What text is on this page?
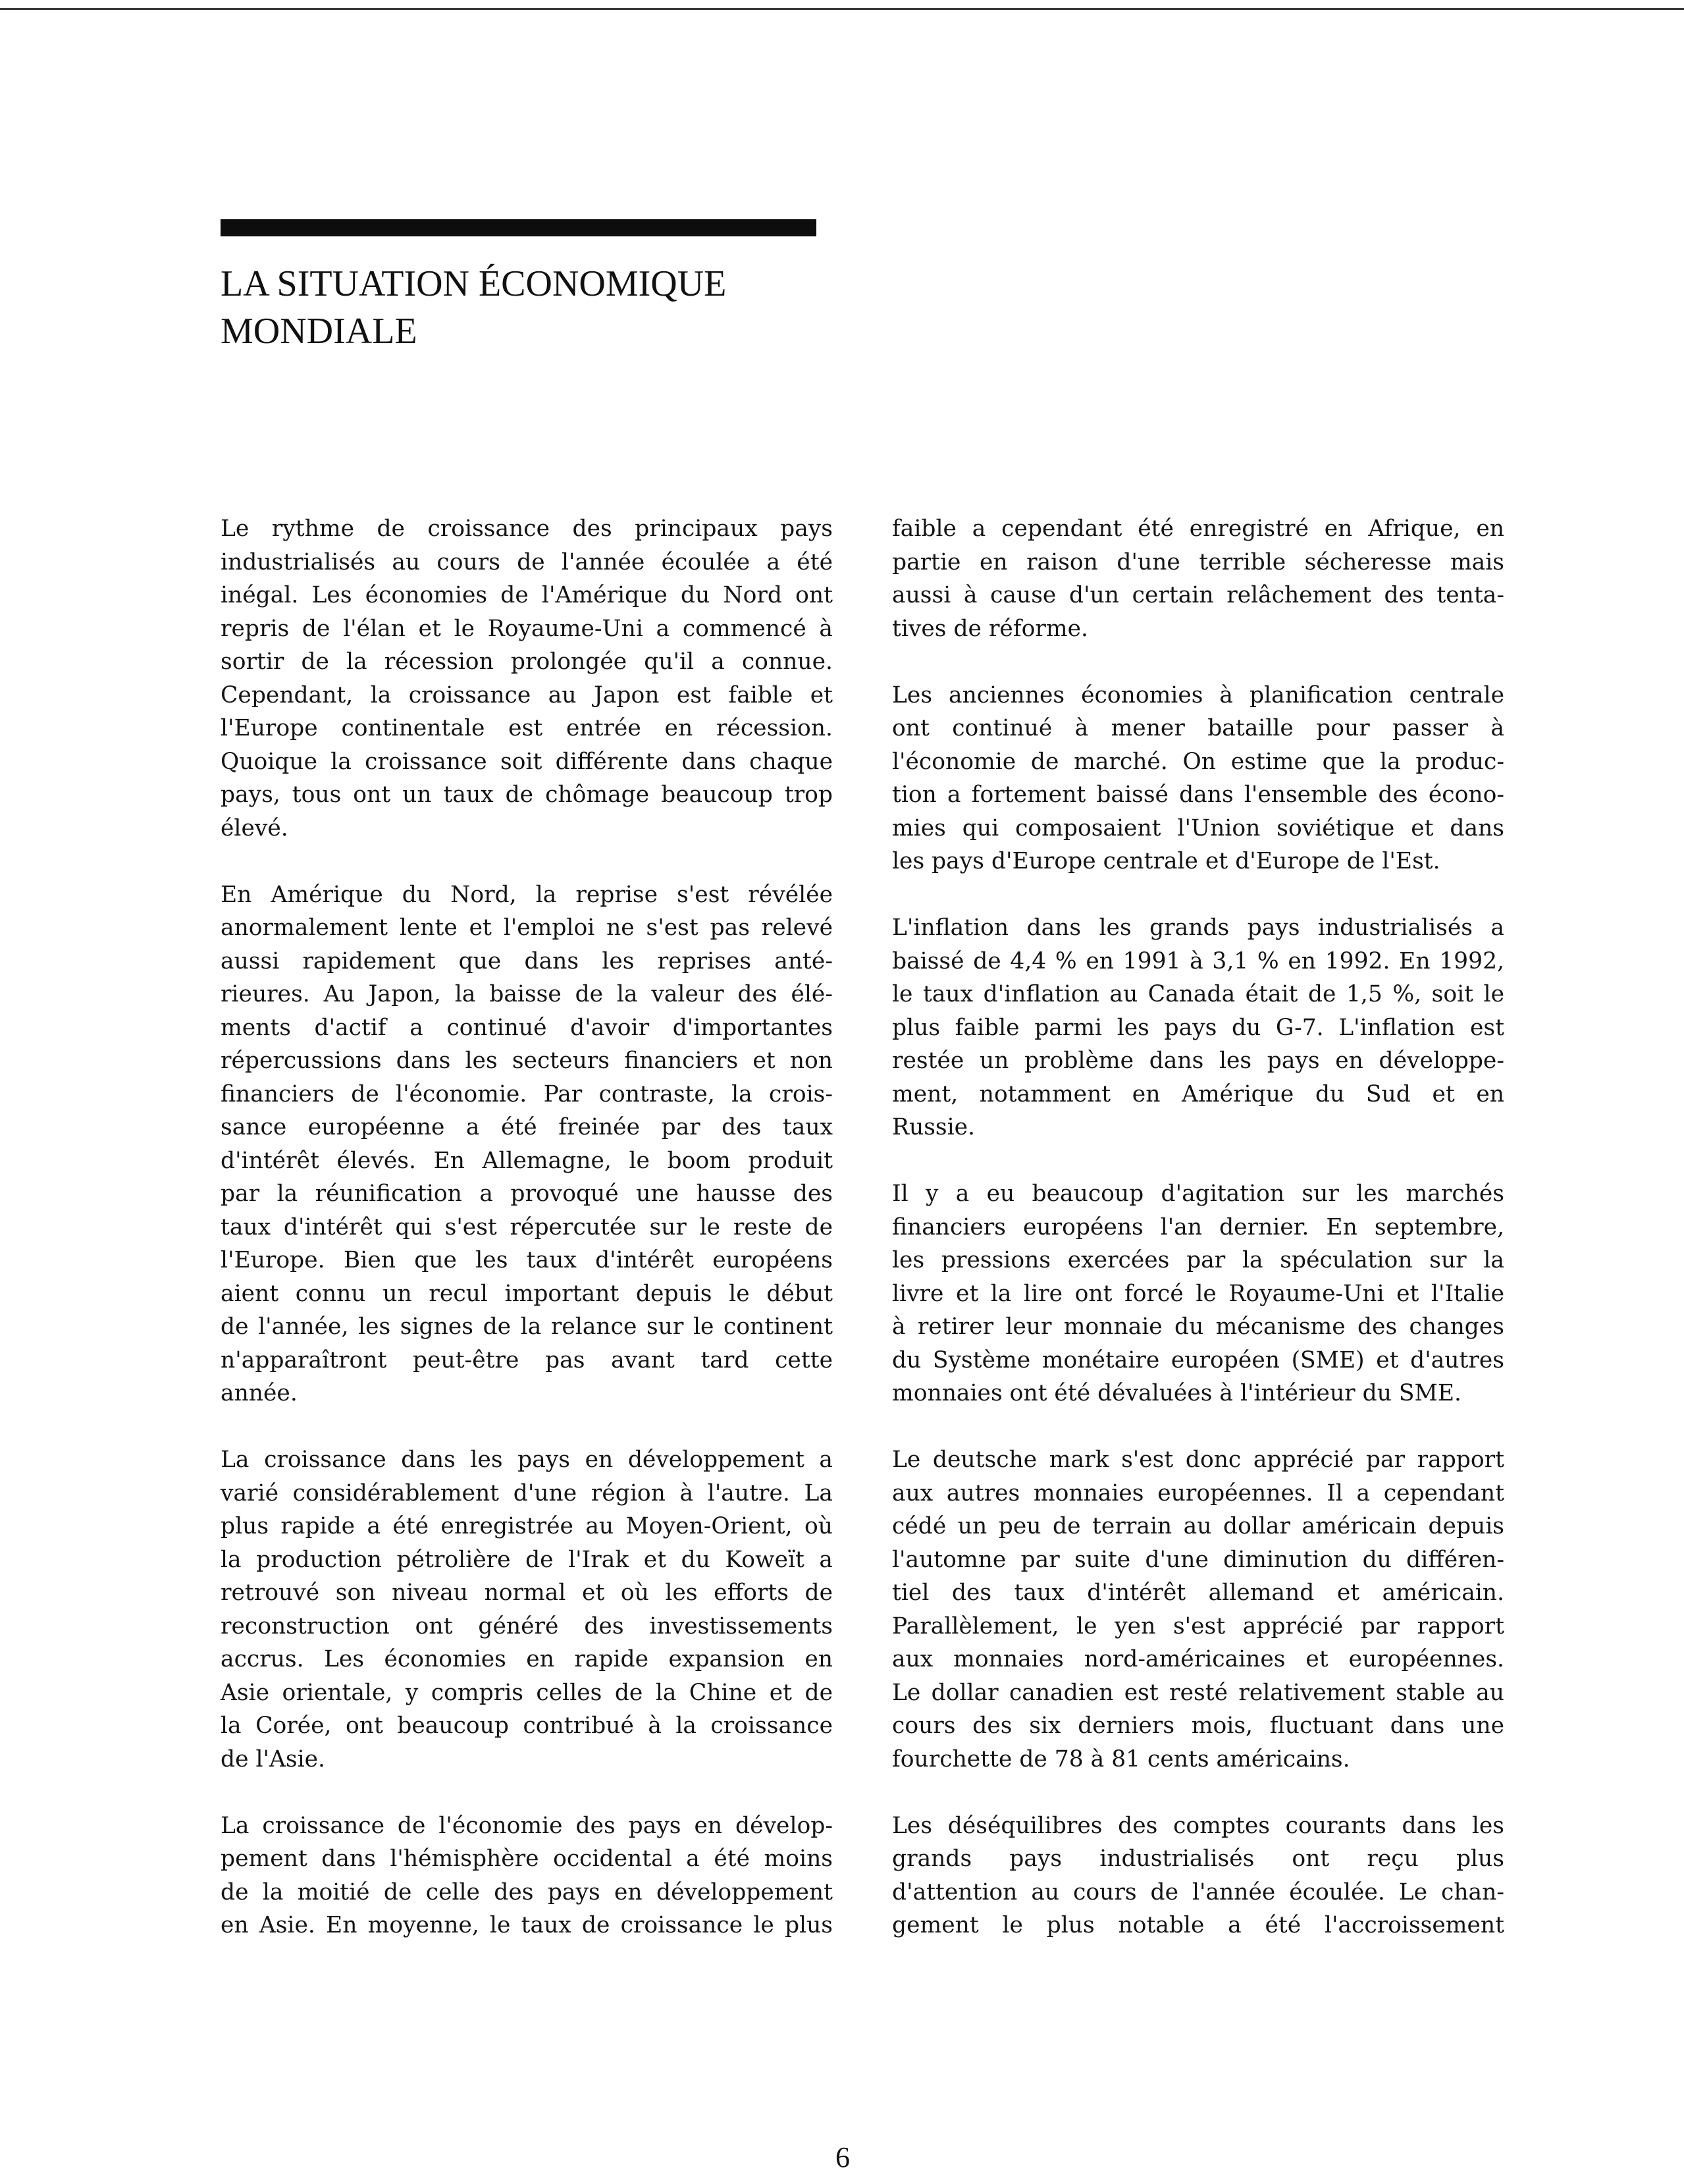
LA SITUATION ÉCONOMIQUE
MONDIALE

Le rythme de croissance des principaux pays
industrialisés au cours de l'année écoulée a été
inégal. Les économies de l'Amérique du Nord ont
repris de l'élan et le Royaume-Uni a commencé à
sortir de la récession prolongée qu'il a connue.
Cependant, la croissance au Japon est faible et
l'Europe continentale est entrée en récession.
Quoique la croissance soit différente dans chaque
pays, tous ont un taux de chômage beaucoup trop
élevé.

En Amérique du Nord, la reprise s'est révélée
anormalement lente et l'emploi ne s'est pas relevé
aussi rapidement que dans les reprises anté-
rieures. Au Japon, la baisse de la valeur des élé-
ments d'actif a continué d'avoir d'importantes
répercussions dans les secteurs financiers et non
financiers de l'économie. Par contraste, la crois-
sance européenne a été freinée par des taux
d'intérêt élevés. En Allemagne, le boom produit
par la réunification a provoqué une hausse des
taux d'intérêt qui s'est répercutée sur le reste de
l'Europe. Bien que les taux d'intérêt européens
aient connu un recul important depuis le début
de l'année, les signes de la relance sur le continent
n'apparaîtront peut-être pas avant tard cette
année.

La croissance dans les pays en développement a
varié considérablement d'une région à l'autre. La
plus rapide a été enregistrée au Moyen-Orient, où
la production pétrolière de l'Irak et du Koweït a
retrouvé son niveau normal et où les efforts de
reconstruction ont généré des investissements
accrus. Les économies en rapide expansion en
Asie orientale, y compris celles de la Chine et de
la Corée, ont beaucoup contribué à la croissance
de l'Asie.

La croissance de l'économie des pays en dévelop-
pement dans l'hémisphère occidental a été moins
de la moitié de celle des pays en développement
en Asie. En moyenne, le taux de croissance le plus

faible a cependant été enregistré en Afrique, en
partie en raison d'une terrible sécheresse mais
aussi à cause d'un certain relâchement des tenta-
tives de réforme.

Les anciennes économies à planification centrale
ont continué à mener bataille pour passer à
l'économie de marché. On estime que la produc-
tion a fortement baissé dans l'ensemble des écono-
mies qui composaient l'Union soviétique et dans
les pays d'Europe centrale et d'Europe de l'Est.

L'inflation dans les grands pays industrialisés a
baissé de 4,4 % en 1991 à 3,1 % en 1992. En 1992,
le taux d'inflation au Canada était de 1,5 %, soit le
plus faible parmi les pays du G-7. L'inflation est
restée un problème dans les pays en développe-
ment, notamment en Amérique du Sud et en
Russie.

Il y a eu beaucoup d'agitation sur les marchés
financiers européens l'an dernier. En septembre,
les pressions exercées par la spéculation sur la
livre et la lire ont forcé le Royaume-Uni et l'Italie
à retirer leur monnaie du mécanisme des changes
du Système monétaire européen (SME) et d'autres
monnaies ont été dévaluées à l'intérieur du SME.

Le deutsche mark s'est donc apprécié par rapport
aux autres monnaies européennes. Il a cependant
cédé un peu de terrain au dollar américain depuis
l'automne par suite d'une diminution du différen-
tiel des taux d'intérêt allemand et américain.
Parallèlement, le yen s'est apprécié par rapport
aux monnaies nord-américaines et européennes.
Le dollar canadien est resté relativement stable au
cours des six derniers mois, fluctuant dans une
fourchette de 78 à 81 cents américains.

Les déséquilibres des comptes courants dans les
grands pays industrialisés ont reçu plus
d'attention au cours de l'année écoulée. Le chan-
gement le plus notable a été l'accroissement

6
